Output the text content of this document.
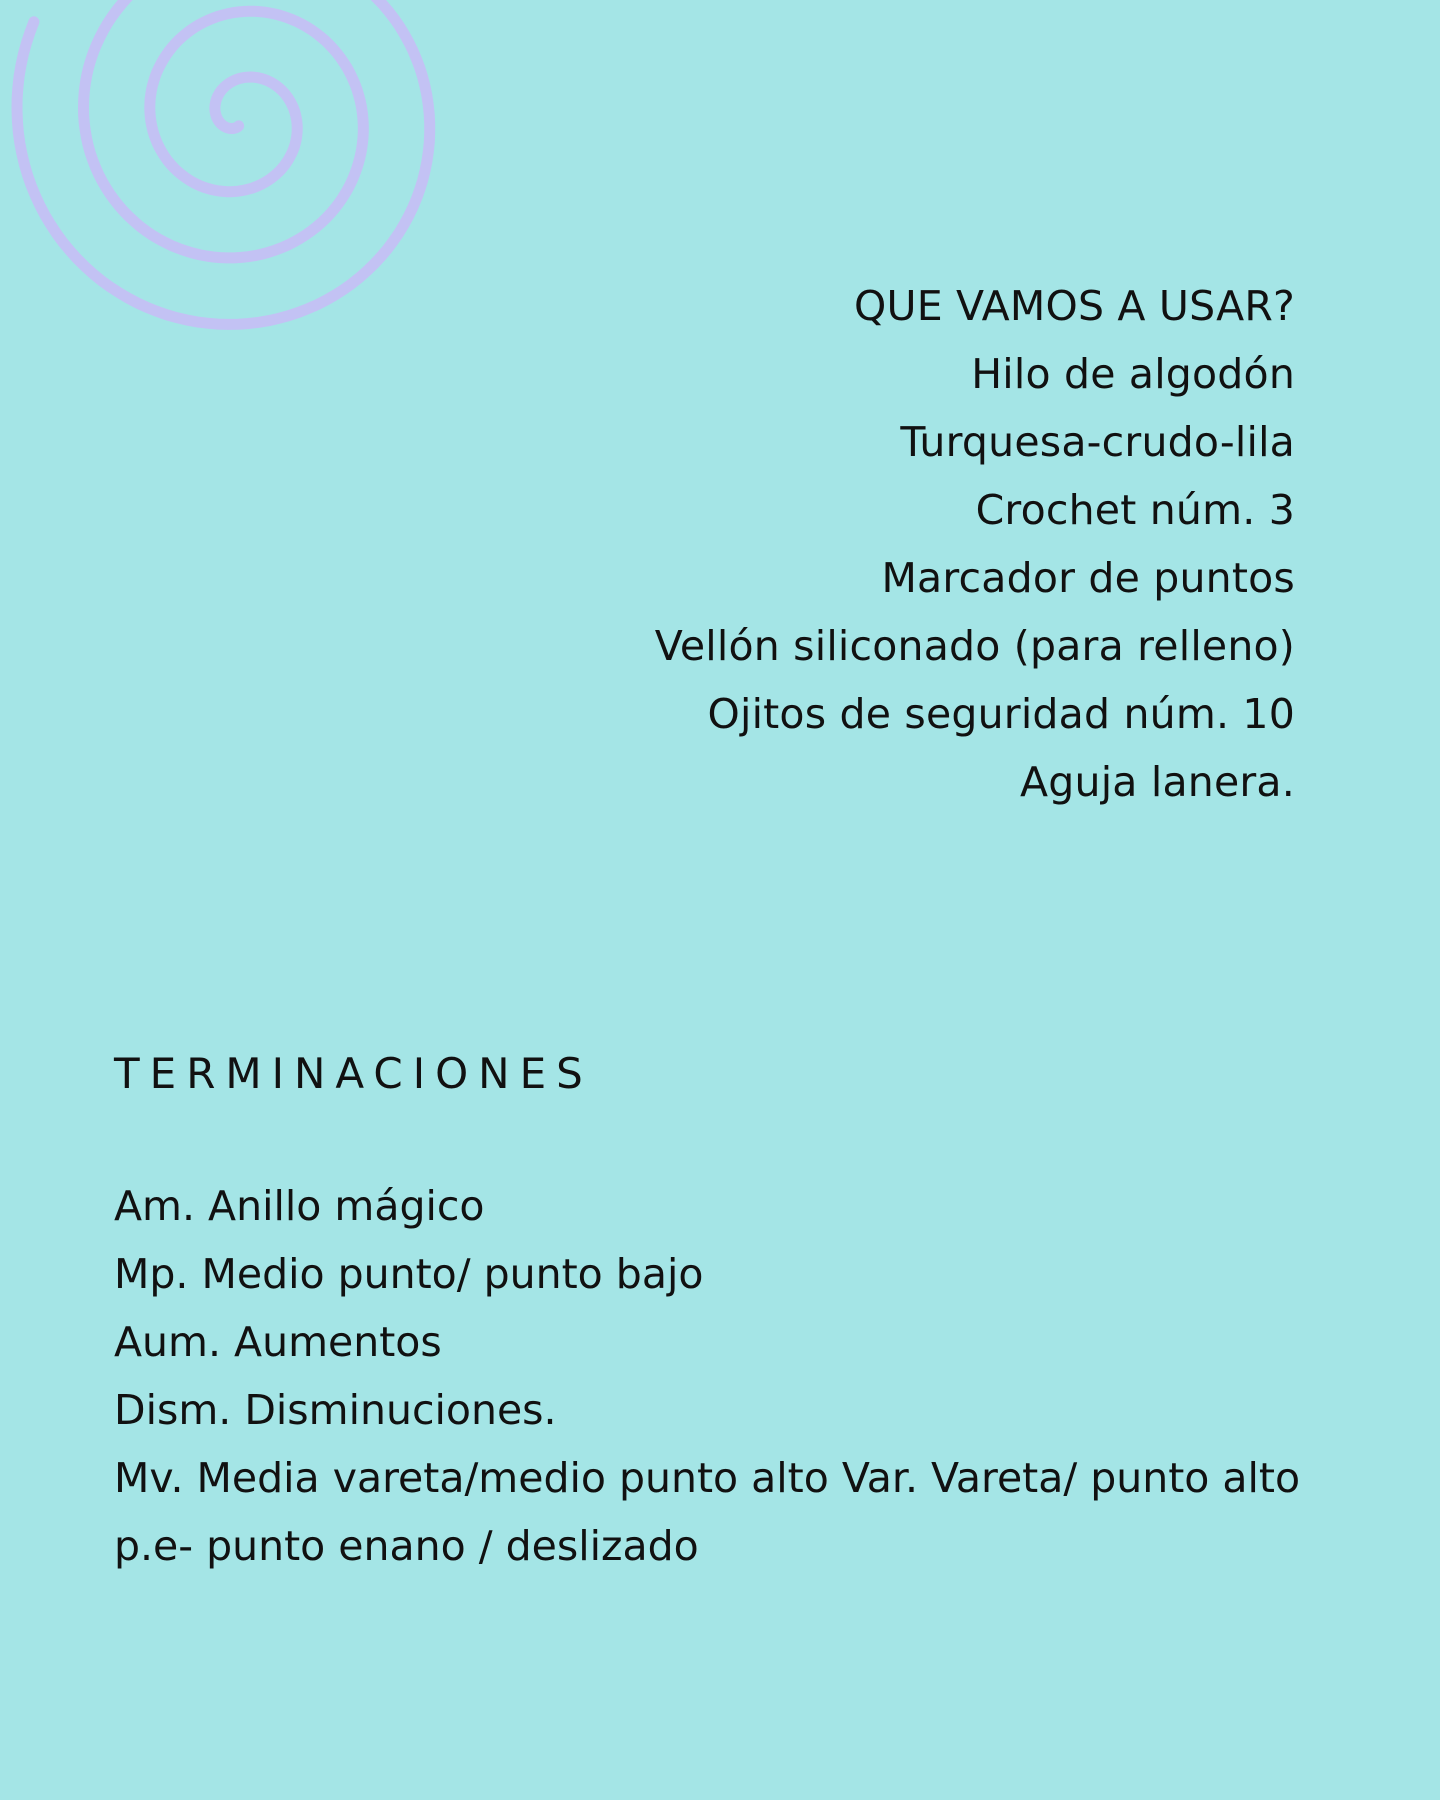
QUE VAMOS A USAR?
Hilo de algodón
Turquesa-crudo-lila
Crochet núm. 3
Marcador de puntos
Vellón siliconado (para relleno)
Ojitos de seguridad núm. 10
Aguja lanera.
TERMINACIONES
Am. Anillo mágico
Mp. Medio punto/ punto bajo
Aum. Aumentos
Dism. Disminuciones.
Mv. Media vareta/medio punto alto Var. Vareta/ punto alto
p.e- punto enano / deslizado
